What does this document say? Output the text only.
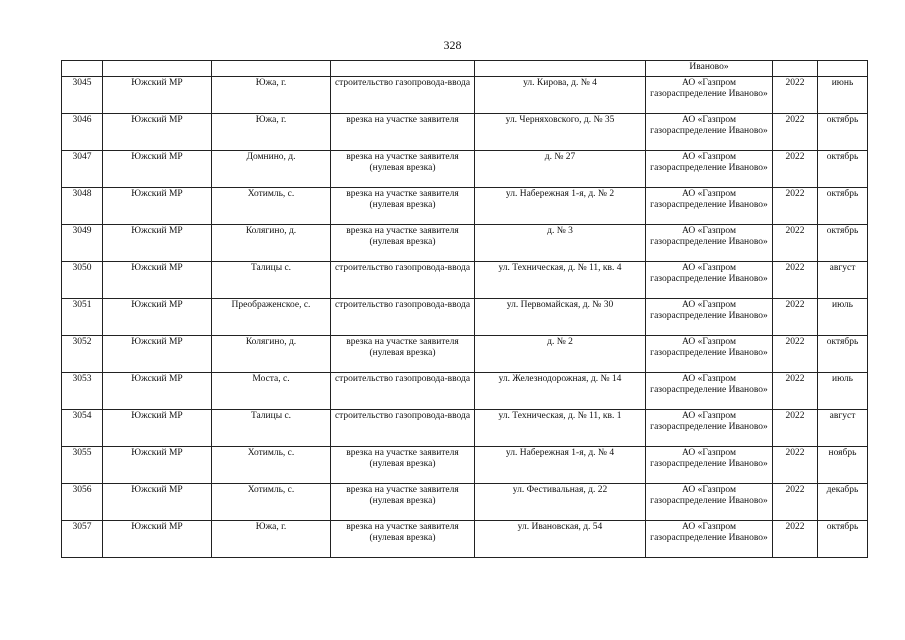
328
					Иваново»		
3045	Южский МР	Южа, г.	строительство газопровода-ввода	ул. Кирова, д. № 4	АО «Газпром газораспределение Иваново»	2022	июнь
3046	Южский МР	Южа, г.	врезка на участке заявителя	ул. Черняховского, д. № 35	АО «Газпром газораспределение Иваново»	2022	октябрь
3047	Южский МР	Домнино, д.	врезка на участке заявителя (нулевая врезка)	д. № 27	АО «Газпром газораспределение Иваново»	2022	октябрь
3048	Южский МР	Хотимль, с.	врезка на участке заявителя (нулевая врезка)	ул. Набережная 1-я, д. № 2	АО «Газпром газораспределение Иваново»	2022	октябрь
3049	Южский МР	Колягино, д.	врезка на участке заявителя (нулевая врезка)	д. № 3	АО «Газпром газораспределение Иваново»	2022	октябрь
3050	Южский МР	Талицы с.	строительство газопровода-ввода	ул. Техническая, д. № 11, кв. 4	АО «Газпром газораспределение Иваново»	2022	август
3051	Южский МР	Преображенское, с.	строительство газопровода-ввода	ул. Первомайская, д. № 30	АО «Газпром газораспределение Иваново»	2022	июль
3052	Южский МР	Колягино, д.	врезка на участке заявителя (нулевая врезка)	д. № 2	АО «Газпром газораспределение Иваново»	2022	октябрь
3053	Южский МР	Моста, с.	строительство газопровода-ввода	ул. Железнодорожная, д. № 14	АО «Газпром газораспределение Иваново»	2022	июль
3054	Южский МР	Талицы с.	строительство газопровода-ввода	ул. Техническая, д. № 11, кв. 1	АО «Газпром газораспределение Иваново»	2022	август
3055	Южский МР	Хотимль, с.	врезка на участке заявителя (нулевая врезка)	ул. Набережная 1-я, д. № 4	АО «Газпром газораспределение Иваново»	2022	ноябрь
3056	Южский МР	Хотимль, с.	врезка на участке заявителя (нулевая врезка)	ул. Фестивальная, д. 22	АО «Газпром газораспределение Иваново»	2022	декабрь
3057	Южский МР	Южа, г.	врезка на участке заявителя (нулевая врезка)	ул. Ивановская, д. 54	АО «Газпром газораспределение Иваново»	2022	октябрь
